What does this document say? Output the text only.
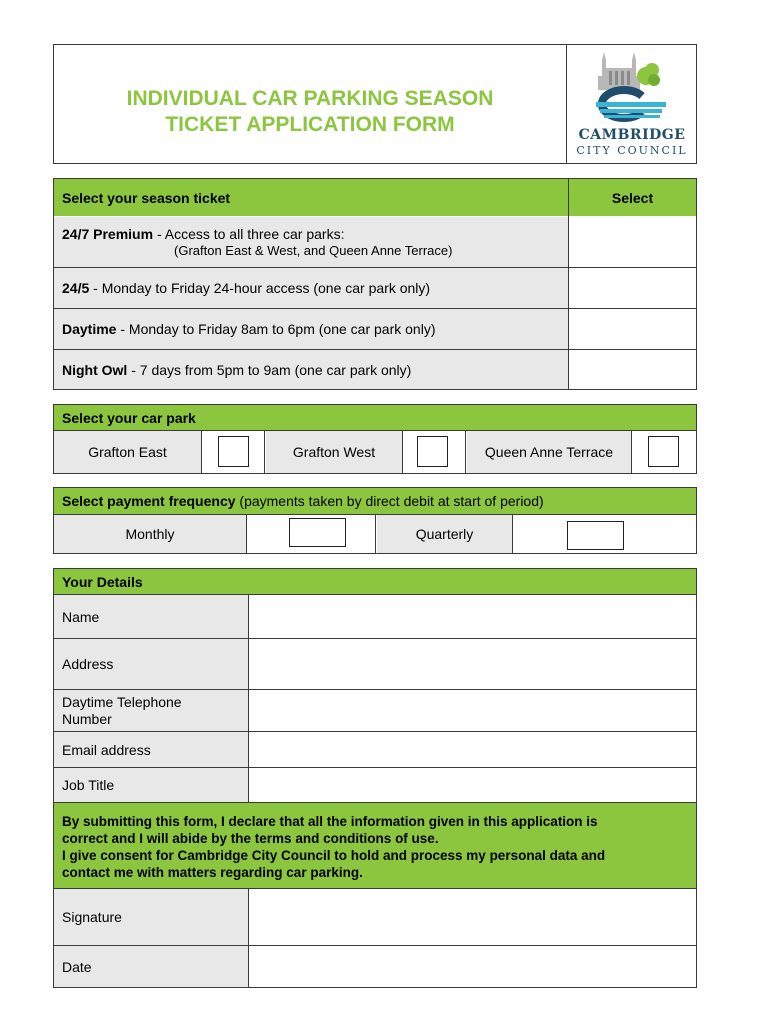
INDIVIDUAL CAR PARKING SEASON
TICKET APPLICATION FORM	CAMBRIDGE
CITY COUNCIL
Select your season ticket	Select
24/7 Premium - Access to all three car parks:
(Grafton East & West, and Queen Anne Terrace)
24/5 - Monday to Friday 24-hour access (one car park only)
Daytime - Monday to Friday 8am to 6pm (one car park only)
Night Owl - 7 days from 5pm to 9am (one car park only)
Select your car park
Grafton East	Grafton West	Queen Anne Terrace
Select payment frequency (payments taken by direct debit at start of period)
Monthly	Quarterly
Your Details
Name
Address
Daytime Telephone Number
Email address
Job Title
By submitting this form, I declare that all the information given in this application is
correct and I will abide by the terms and conditions of use.
I give consent for Cambridge City Council to hold and process my personal data and
contact me with matters regarding car parking.
Signature
Date
